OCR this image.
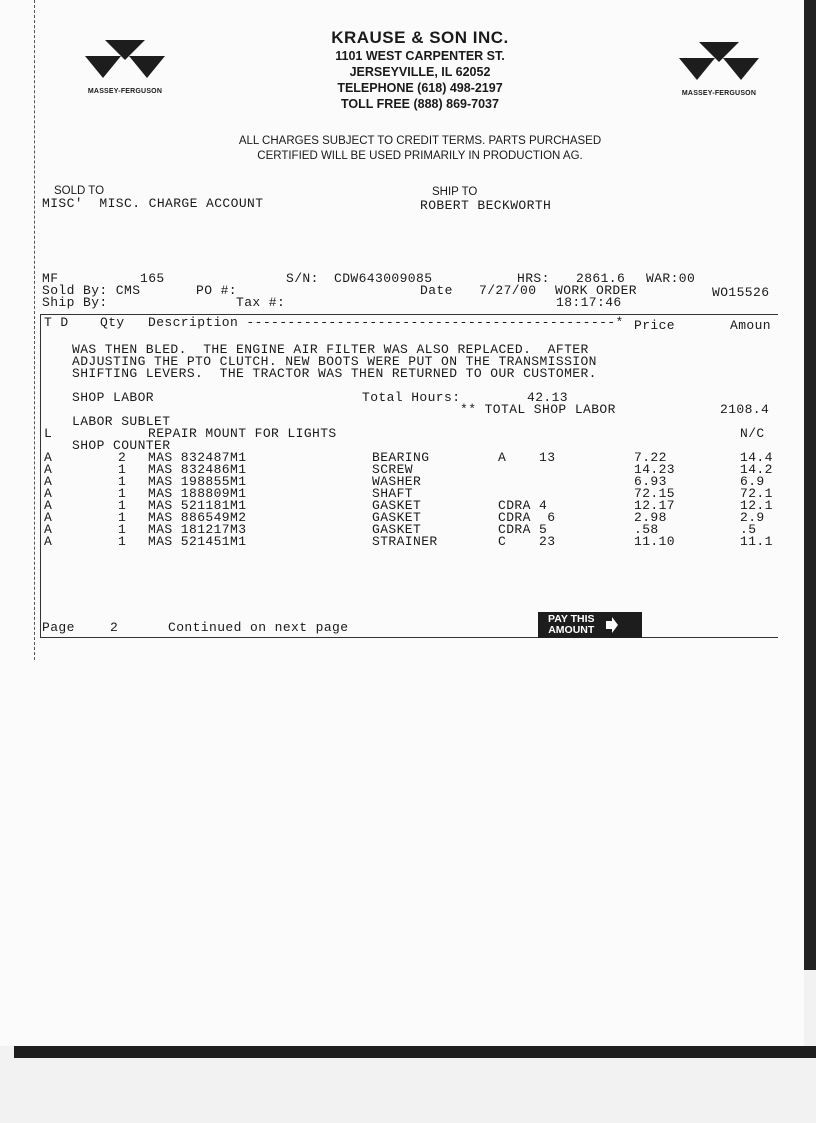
MASSEY-FERGUSON	MASSEY-FERGUSON
KRAUSE & SON INC.
1101 WEST CARPENTER ST.
JERSEYVILLE, IL 62052
TELEPHONE (618) 498-2197
TOLL FREE (888) 869-7037
ALL CHARGES SUBJECT TO CREDIT TERMS. PARTS PURCHASED
CERTIFIED WILL BE USED PRIMARILY IN PRODUCTION AG.
SOLD TO
MISC'  MISC. CHARGE ACCOUNT
SHIP TO
ROBERT BECKWORTH
MF	165	S/N: CDW643009085	HRS: 2861.6 WAR:00
Sold By: CMS	PO #:	Date 7/27/00 WORK ORDER	WO15526
Ship By:	Tax #:	18:17:46
T D Qty Description ---------------------------------------------* Price	Amoun
WAS THEN BLED.  THE ENGINE AIR FILTER WAS ALSO REPLACED.  AFTER
ADJUSTING THE PTO CLUTCH. NEW BOOTS WERE PUT ON THE TRANSMISSION
SHIFTING LEVERS.  THE TRACTOR WAS THEN RETURNED TO OUR CUSTOMER.
SHOP LABOR	Total Hours:	42.13
** TOTAL SHOP LABOR	2108.4
LABOR SUBLET
L	REPAIR MOUNT FOR LIGHTS	N/C
SHOP COUNTER
A	2 MAS 832487M1	BEARING	A    13	7.22	14.4
A	1 MAS 832486M1	SCREW	14.23	14.2
A	1 MAS 198855M1	WASHER	6.93	6.9
A	1 MAS 188809M1	SHAFT	72.15	72.1
A	1 MAS 521181M1	GASKET	CDRA 4	12.17	12.1
A	1 MAS 886549M2	GASKET	CDRA  6	2.98	2.9
A	1 MAS 181217M3	GASKET	CDRA 5	.58	.5
A	1 MAS 521451M1	STRAINER	C    23	11.10	11.1
Page	2	Continued on next page
PAY THIS
AMOUNT
